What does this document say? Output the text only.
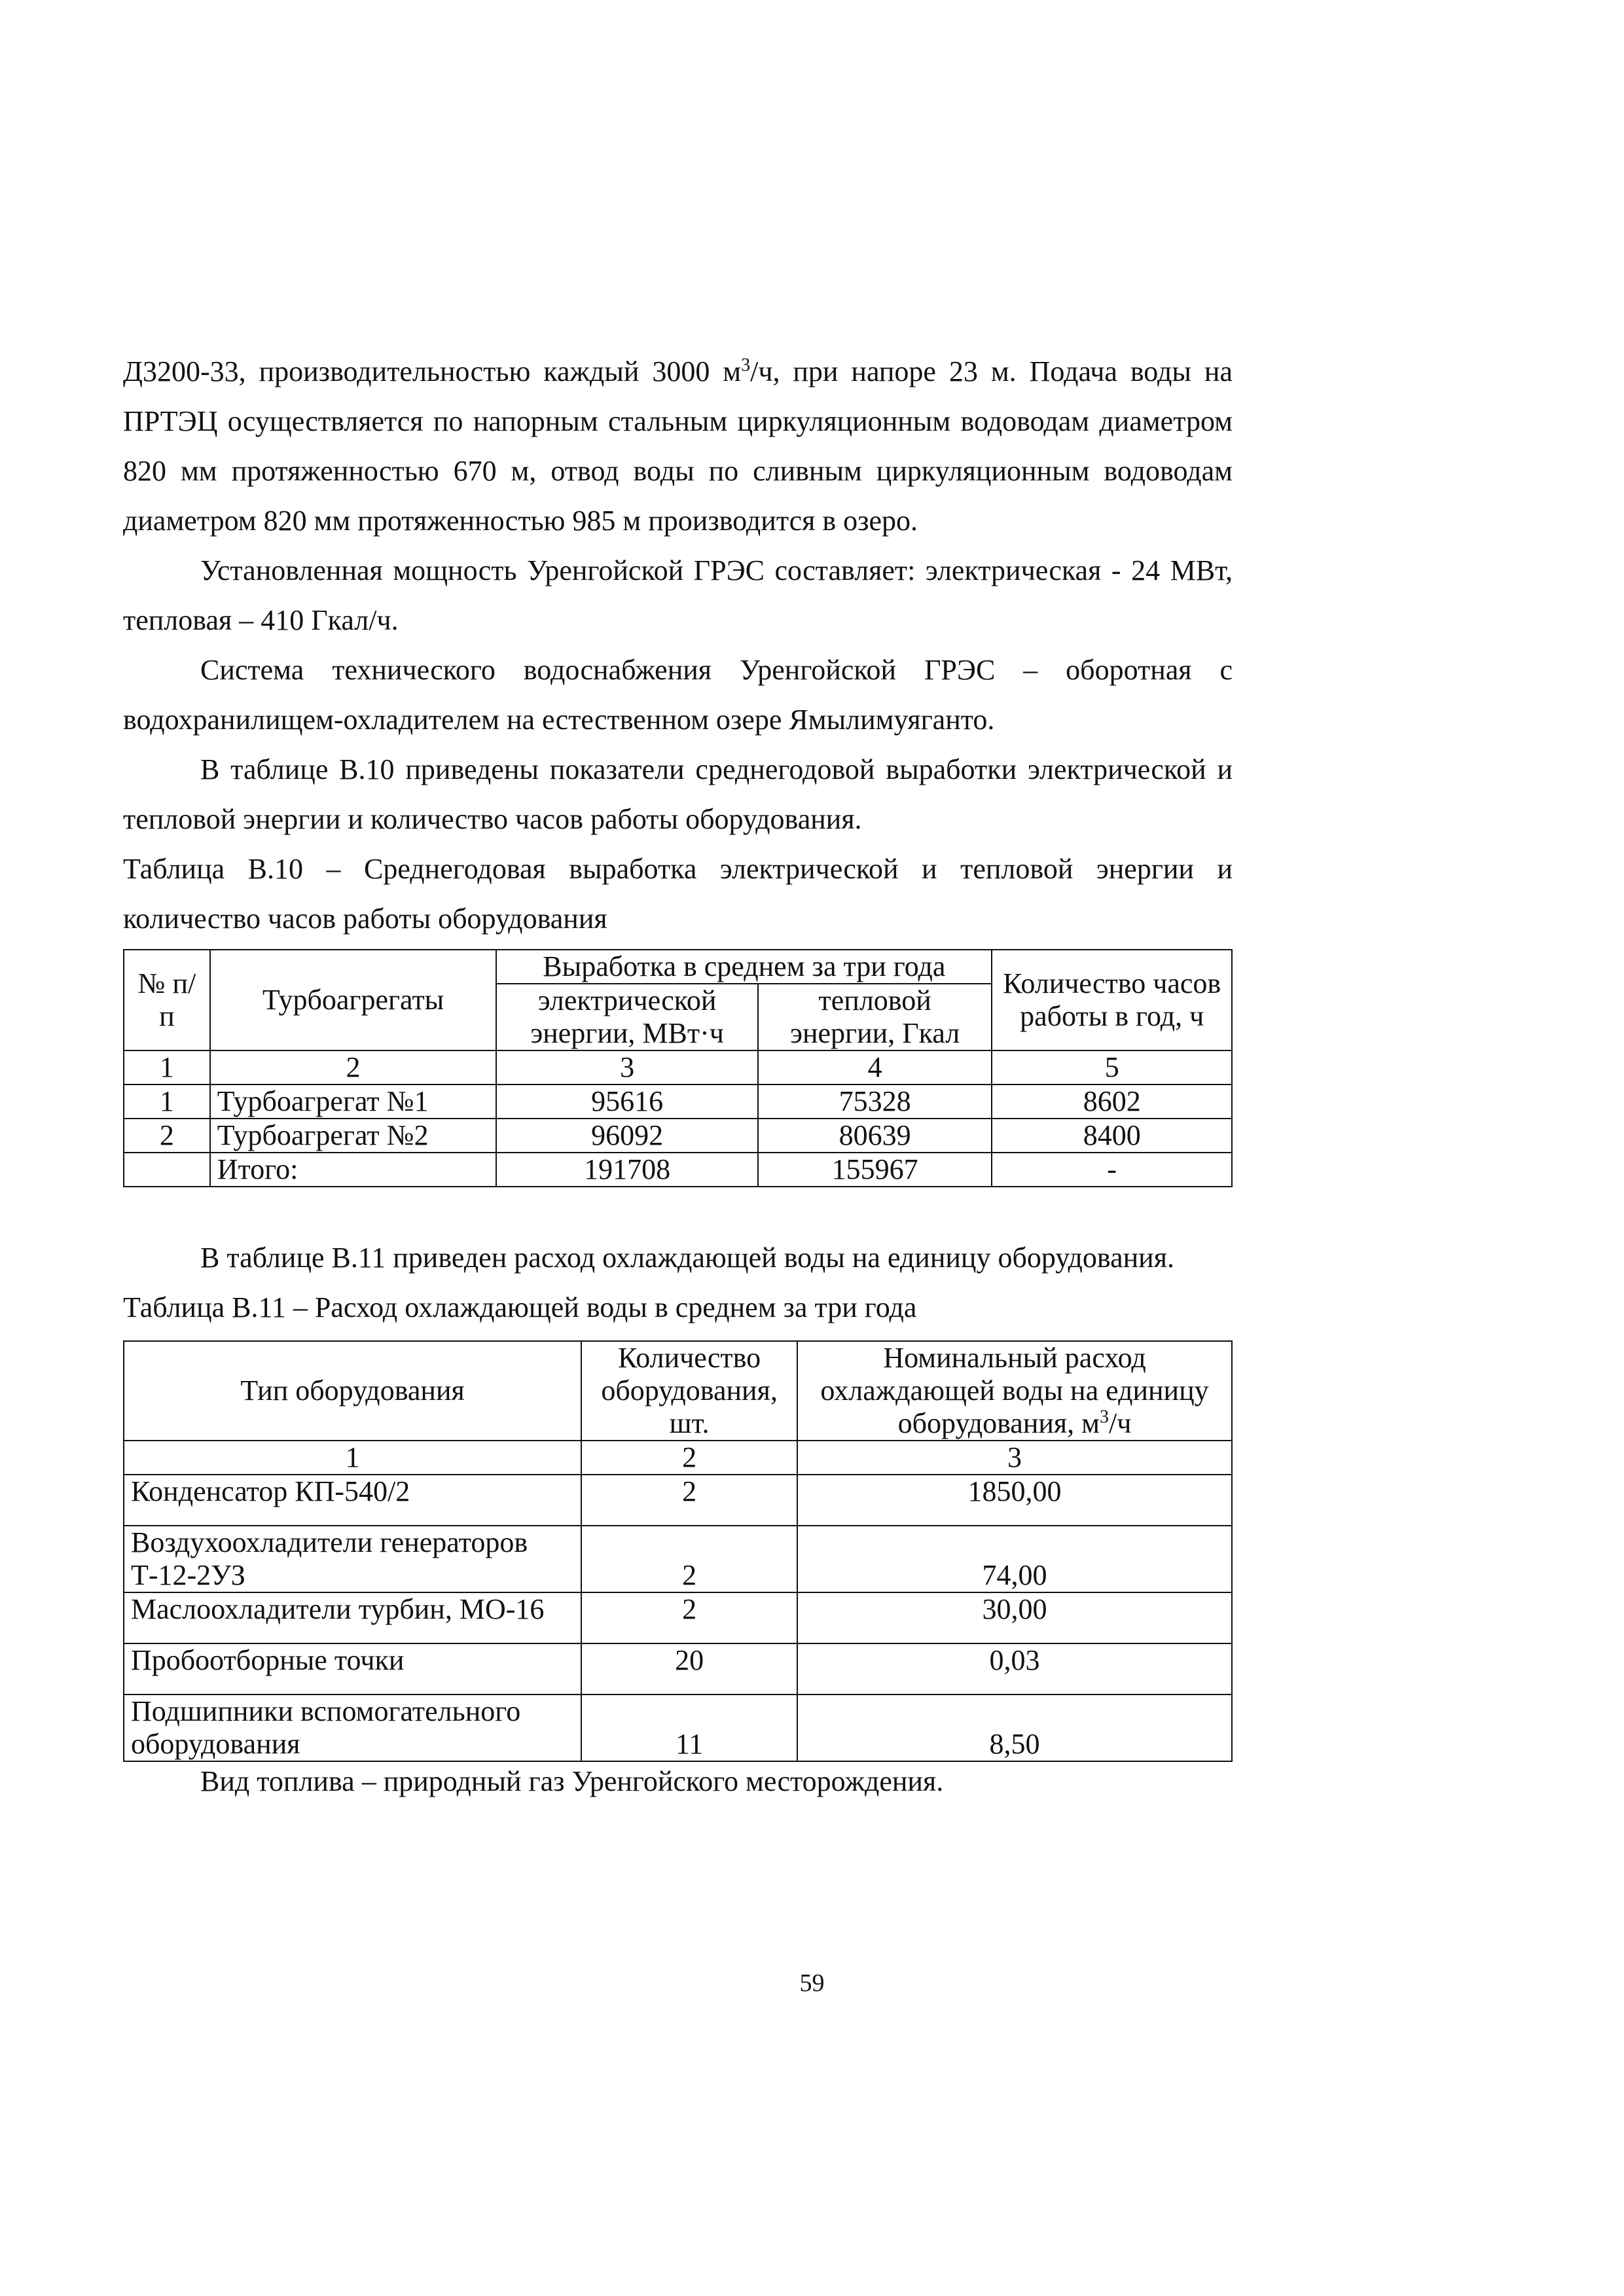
Д3200-33, производительностью каждый 3000 $м^3/ч$, при напоре 23 м. Подача воды на ПРТЭЦ осуществляется по напорным стальным циркуляционным водоводам диаметром 820 мм протяженностью 670 м, отвод воды по сливным циркуляционным водоводам диаметром 820 мм протяженностью 985 м производится в озеро.

Установленная мощность Уренгойской ГРЭС составляет: электрическая - 24 МВт, тепловая – 410 Гкал/ч.

Система технического водоснабжения Уренгойской ГРЭС – оборотная с водохранилищем-охладителем на естественном озере Ямылимуяганто.

В таблице В.10 приведены показатели среднегодовой выработки электрической и тепловой энергии и количество часов работы оборудования.

Таблица В.10 – Среднегодовая выработка электрической и тепловой энергии и количество часов работы оборудования

№ п/п	Турбоагрегаты	Выработка в среднем за три года		Количество часов работы в год, ч
		электрической энергии, МВт·ч	тепловой энергии, Гкал	
1	2	3	4	5
1	Турбоагрегат №1	95616	75328	8602
2	Турбоагрегат №2	96092	80639	8400
	Итого:	191708	155967	-

В таблице В.11 приведен расход охлаждающей воды на единицу оборудования.

Таблица В.11 – Расход охлаждающей воды в среднем за три года

Тип оборудования	Количество оборудования, шт.	Номинальный расход охлаждающей воды на единицу оборудования, $м^3/ч$
1	2	3
Конденсатор КП-540/2	2	1850,00
Воздухоохладители генераторов Т-12-2УЗ	2	74,00
Маслоохладители турбин, МО-16	2	30,00
Пробоотборные точки	20	0,03
Подшипники вспомогательного оборудования	11	8,50

Вид топлива – природный газ Уренгойского месторождения.

59
